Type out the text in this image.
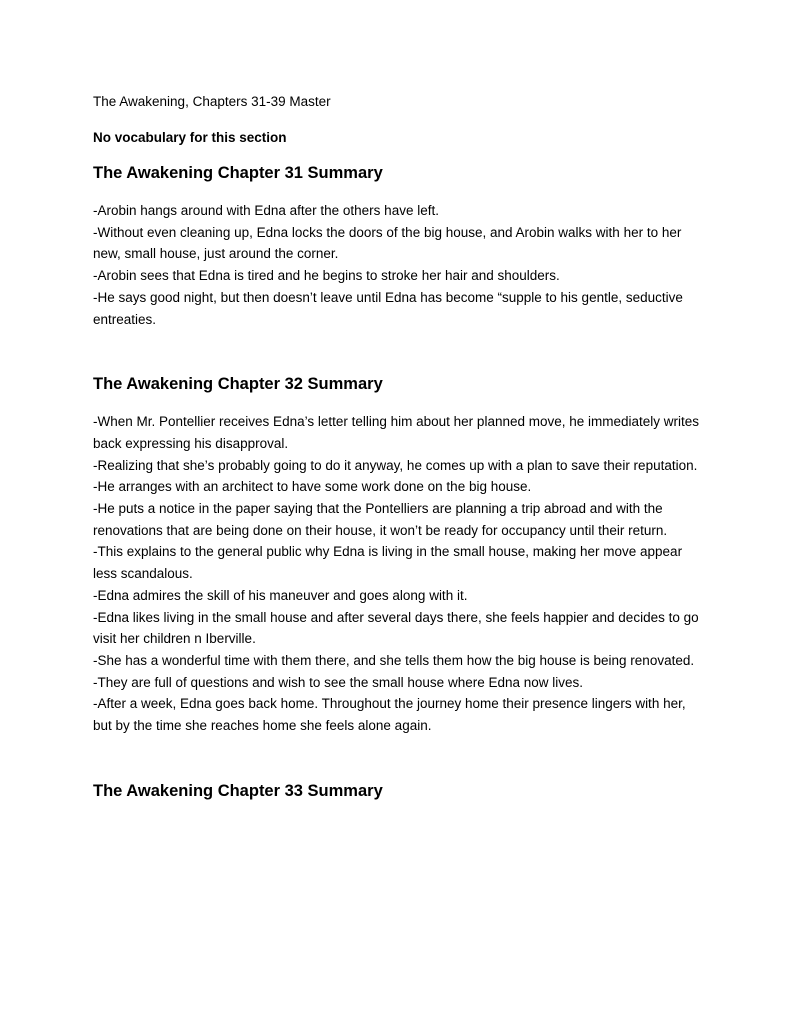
The Awakening, Chapters 31-39 Master

No vocabulary for this section

The Awakening Chapter 31 Summary
-Arobin hangs around with Edna after the others have left.
-Without even cleaning up, Edna locks the doors of the big house, and Arobin walks with her to her new, small house, just around the corner.
-Arobin sees that Edna is tired and he begins to stroke her hair and shoulders.
-He says good night, but then doesn’t leave until Edna has become “supple to his gentle, seductive entreaties.
The Awakening Chapter 32 Summary
-When Mr. Pontellier receives Edna’s letter telling him about her planned move, he immediately writes back expressing his disapproval.
-Realizing that she’s probably going to do it anyway, he comes up with a plan to save their reputation.
-He arranges with an architect to have some work done on the big house.
-He puts a notice in the paper saying that the Pontelliers are planning a trip abroad and with the renovations that are being done on their house, it won’t be ready for occupancy until their return.
-This explains to the general public why Edna is living in the small house, making her move appear less scandalous.
-Edna admires the skill of his maneuver and goes along with it.
-Edna likes living in the small house and after several days there, she feels happier and decides to go visit her children n Iberville.
-She has a wonderful time with them there, and she tells them how the big house is being renovated.
-They are full of questions and wish to see the small house where Edna now lives.
-After a week, Edna goes back home. Throughout the journey home their presence lingers with her, but by the time she reaches home she feels alone again.
The Awakening Chapter 33 Summary
